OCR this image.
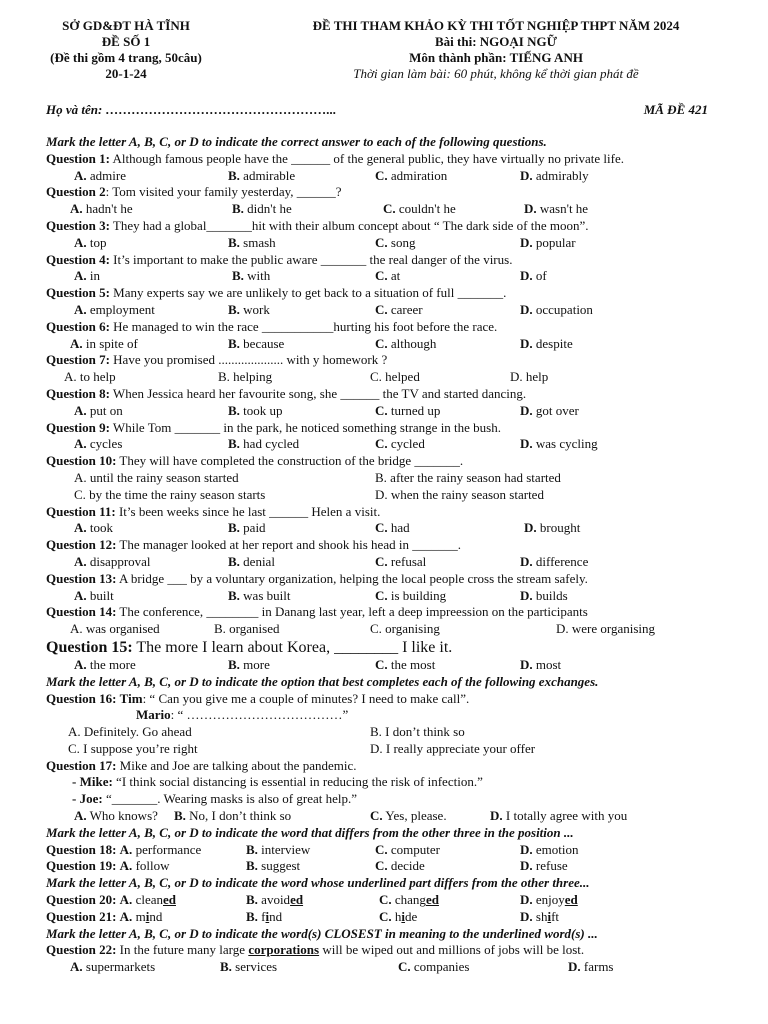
SỞ GD&ĐT HÀ TĨNH
ĐỀ SỐ 1
(Đề thi gồm 4 trang, 50câu)
20-1-24
ĐỀ THI THAM KHẢO KỲ THI TỐT NGHIỆP THPT NĂM 2024
Bài thi: NGOẠI NGỮ
Môn thành phần: TIẾNG ANH
Thời gian làm bài: 60 phút, không kể thời gian phát đề
Họ và tên: ……………………………………………...	MÃ ĐỀ 421
Mark the letter A, B, C, or D to indicate the correct answer to each of the following questions.
Question 1: Although famous people have the ______ of the general public, they have virtually no private life.
A. admire	B. admirable	C. admiration	D. admirably
Question 2: Tom visited your family yesterday, ______?
A. hadn't he	B. didn't he	C. couldn't he	D. wasn't he
Question 3: They had a global_______hit with their album concept about “ The dark side of the moon”.
A. top	B. smash	C. song	D. popular
Question 4: It’s important to make the public aware _______ the real danger of the virus.
A. in	B. with	C. at	D. of
Question 5: Many experts say we are unlikely to get back to a situation of full _______.
A. employment	B. work	C. career	D. occupation
Question 6: He managed to win the race ___________hurting his foot before the race.
A. in spite of	B. because	C. although	D. despite
Question 7: Have you promised .................... with y homework ?
A. to help	B. helping	C. helped	D. help
Question 8: When Jessica heard her favourite song, she ______ the TV and started dancing.
A. put on	B. took up	C. turned up	D. got over
Question 9: While Tom _______ in the park, he noticed something strange in the bush.
A. cycles	B. had cycled	C. cycled	D. was cycling
Question 10: They will have completed the construction of the bridge _______.
A. until the rainy season started	B. after the rainy season had started
C. by the time the rainy season starts	D. when the rainy season started
Question 11: It’s been weeks since he last ______ Helen a visit.
A. took	B. paid	C. had	D. brought
Question 12: The manager looked at her report and shook his head in _______.
A. disapproval	B. denial	C. refusal	D. difference
Question 13: A bridge ___ by a voluntary organization, helping the local people cross the stream safely.
A. built	B. was built	C. is building	D. builds
Question 14: The conference, ________ in Danang last year, left a deep impreession on the participants
A. was organised	B. organised	C. organising	D. were organising
Question 15: The more I learn about Korea, ________ I like it.
A. the more	B. more	C. the most	D. most
Mark the letter A, B, C, or D to indicate the option that best completes each of the following exchanges.
Question 16: Tim: “ Can you give me a couple of minutes? I need to make call”.
Mario: “ ………………………………”
A. Definitely. Go ahead	B. I don’t think so
C. I suppose you’re right	D. I really appreciate your offer
Question 17: Mike and Joe are talking about the pandemic.
- Mike: “I think social distancing is essential in reducing the risk of infection.”
- Joe: “_______. Wearing masks is also of great help.”
A. Who knows? B. No, I don’t think so	C. Yes, please.	D. I totally agree with you
Mark the letter A, B, C, or D to indicate the word that differs from the other three in the position ...
Question 18: A. performance	B. interview	C. computer	D. emotion
Question 19: A. follow	B. suggest	C. decide	D. refuse
Mark the letter A, B, C, or D to indicate the word whose underlined part differs from the other three...
Question 20: A. cleaned	B. avoided	C. changed	D. enjoyed
Question 21: A. mind	B. find	C. hide	D. shift
Mark the letter A, B, C, or D to indicate the word(s) CLOSEST in meaning to the underlined word(s) ...
Question 22: In the future many large corporations will be wiped out and millions of jobs will be lost.
A. supermarkets	B. services	C. companies	D. farms
